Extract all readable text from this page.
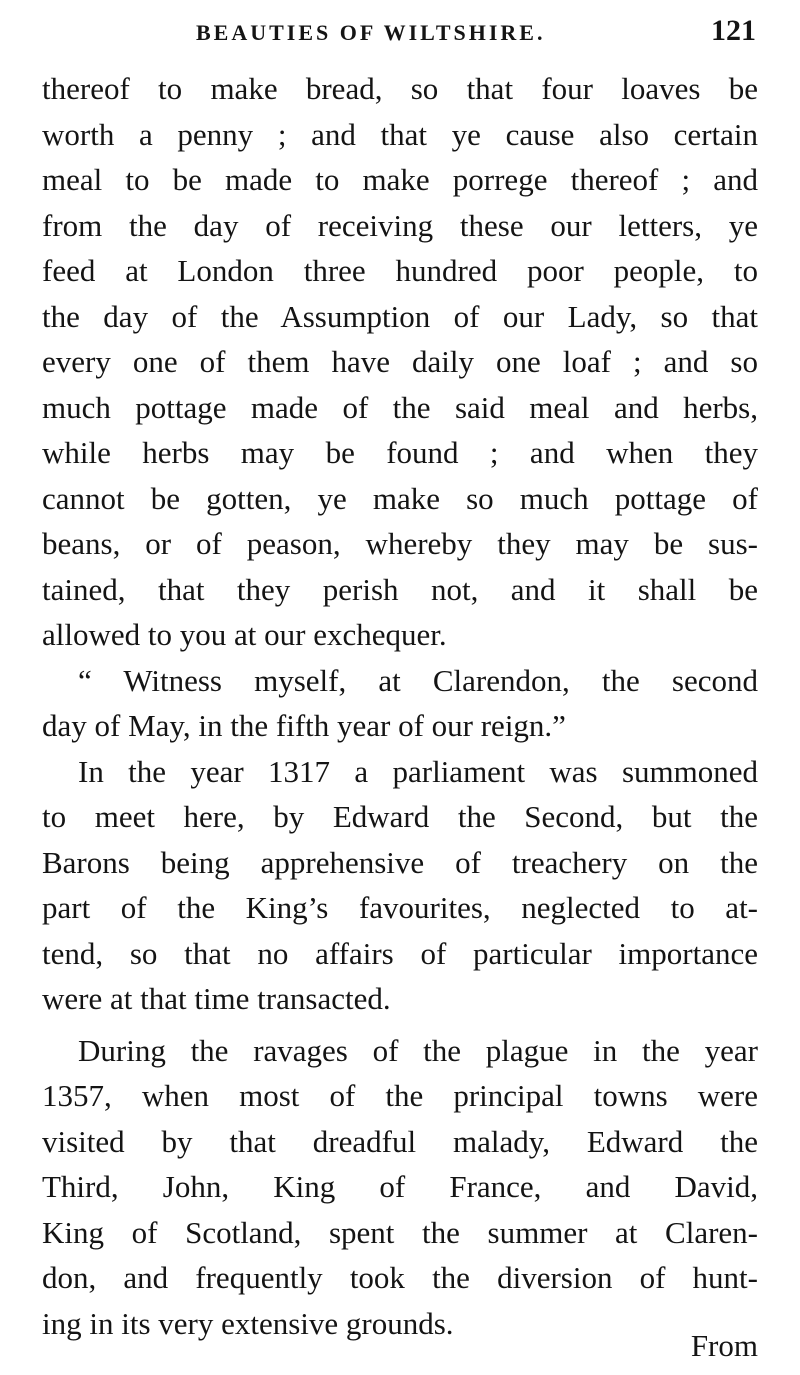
BEAUTIES OF WILTSHIRE.	121
thereof to make bread, so that four loaves be
worth a penny ; and that ye cause also certain
meal to be made to make porrege thereof ; and
from the day of receiving these our letters, ye
feed at London three hundred poor people, to
the day of the Assumption of our Lady, so that
every one of them have daily one loaf ; and so
much pottage made of the said meal and herbs,
while herbs may be found ; and when they
cannot be gotten, ye make so much pottage of
beans, or of peason, whereby they may be sus-
tained, that they perish not, and it shall be
allowed to you at our exchequer.
“ Witness myself, at Clarendon, the second
day of May, in the fifth year of our reign.”
In the year 1317 a parliament was summoned
to meet here, by Edward the Second, but the
Barons being apprehensive of treachery on the
part of the King’s favourites, neglected to at-
tend, so that no affairs of particular importance
were at that time transacted.
During the ravages of the plague in the year
1357, when most of the principal towns were
visited by that dreadful malady, Edward the
Third, John, King of France, and David,
King of Scotland, spent the summer at Claren-
don, and frequently took the diversion of hunt-
ing in its very extensive grounds.
From
